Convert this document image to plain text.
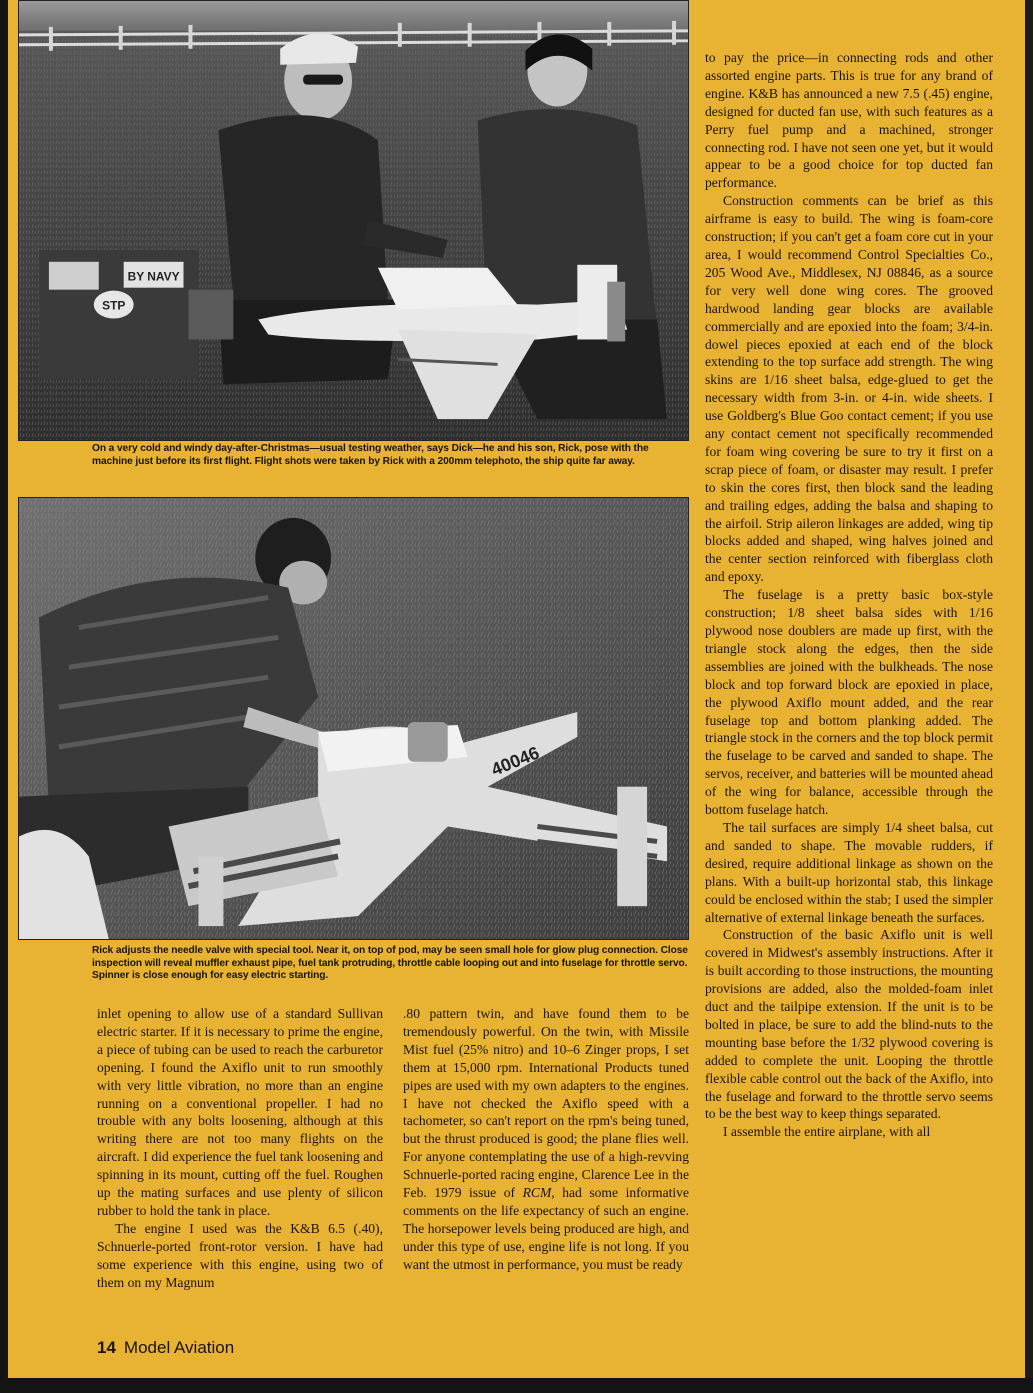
BY NAVY
STP
On a very cold and windy day-after-Christmas—usual testing weather, says Dick—he and his son, Rick, pose with the machine just before its first flight. Flight shots were taken by Rick with a 200mm telephoto, the ship quite far away.
40046
Rick adjusts the needle valve with special tool. Near it, on top of pod, may be seen small hole for glow plug connection. Close inspection will reveal muffler exhaust pipe, fuel tank protruding, throttle cable looping out and into fuselage for throttle servo. Spinner is close enough for easy electric starting.

to pay the price—in connecting rods and other assorted engine parts. This is true for any brand of engine. K&B has announced a new 7.5 (.45) engine, designed for ducted fan use, with such features as a Perry fuel pump and a machined, stronger connecting rod. I have not seen one yet, but it would appear to be a good choice for top ducted fan performance.

Construction comments can be brief as this airframe is easy to build. The wing is foam-core construction; if you can't get a foam core cut in your area, I would recommend Control Specialties Co., 205 Wood Ave., Middlesex, NJ 08846, as a source for very well done wing cores. The grooved hardwood landing gear blocks are available commercially and are epoxied into the foam; 3/4-in. dowel pieces epoxied at each end of the block extending to the top surface add strength. The wing skins are 1/16 sheet balsa, edge-glued to get the necessary width from 3-in. or 4-in. wide sheets. I use Goldberg's Blue Goo contact cement; if you use any contact cement not specifically recommended for foam wing covering be sure to try it first on a scrap piece of foam, or disaster may result. I prefer to skin the cores first, then block sand the leading and trailing edges, adding the balsa and shaping to the airfoil. Strip aileron linkages are added, wing tip blocks added and shaped, wing halves joined and the center section reinforced with fiberglass cloth and epoxy.

The fuselage is a pretty basic box-style construction; 1/8 sheet balsa sides with 1/16 plywood nose doublers are made up first, with the triangle stock along the edges, then the side assemblies are joined with the bulkheads. The nose block and top forward block are epoxied in place, the plywood Axiflo mount added, and the rear fuselage top and bottom planking added. The triangle stock in the corners and the top block permit the fuselage to be carved and sanded to shape. The servos, receiver, and batteries will be mounted ahead of the wing for balance, accessible through the bottom fuselage hatch.

The tail surfaces are simply 1/4 sheet balsa, cut and sanded to shape. The movable rudders, if desired, require additional linkage as shown on the plans. With a built-up horizontal stab, this linkage could be enclosed within the stab; I used the simpler alternative of external linkage beneath the surfaces.

Construction of the basic Axiflo unit is well covered in Midwest's assembly instructions. After it is built according to those instructions, the mounting provisions are added, also the molded-foam inlet duct and the tailpipe extension. If the unit is to be bolted in place, be sure to add the blind-nuts to the mounting base before the 1/32 plywood covering is added to complete the unit. Looping the throttle flexible cable control out the back of the Axiflo, into the fuselage and forward to the throttle servo seems to be the best way to keep things separated.

I assemble the entire airplane, with all

inlet opening to allow use of a standard Sullivan electric starter. If it is necessary to prime the engine, a piece of tubing can be used to reach the carburetor opening. I found the Axiflo unit to run smoothly with very little vibration, no more than an engine running on a conventional propeller. I had no trouble with any bolts loosening, although at this writing there are not too many flights on the aircraft. I did experience the fuel tank loosening and spinning in its mount, cutting off the fuel. Roughen up the mating surfaces and use plenty of silicon rubber to hold the tank in place.

The engine I used was the K&B 6.5 (.40), Schnuerle-ported front-rotor version. I have had some experience with this engine, using two of them on my Magnum

.80 pattern twin, and have found them to be tremendously powerful. On the twin, with Missile Mist fuel (25% nitro) and 10–6 Zinger props, I set them at 15,000 rpm. International Products tuned pipes are used with my own adapters to the engines. I have not checked the Axiflo speed with a tachometer, so can't report on the rpm's being tuned, but the thrust produced is good; the plane flies well. For anyone contemplating the use of a high-revving Schnuerle-ported racing engine, Clarence Lee in the Feb. 1979 issue of RCM, had some informative comments on the life expectancy of such an engine. The horsepower levels being produced are high, and under this type of use, engine life is not long. If you want the utmost in performance, you must be ready

14 Model Aviation
